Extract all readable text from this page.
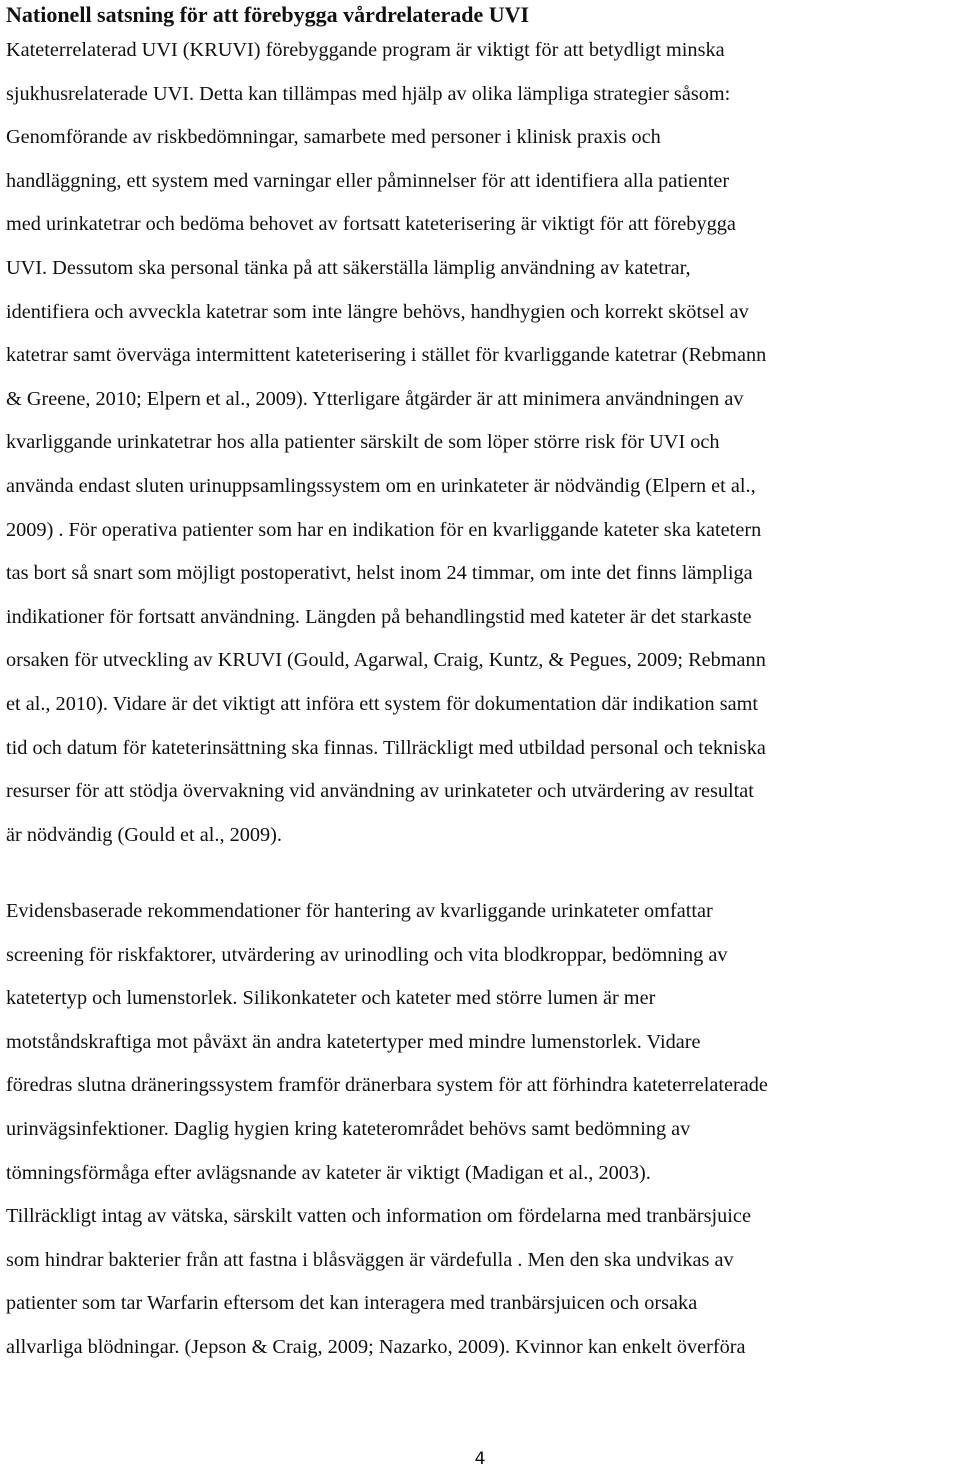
Nationell satsning för att förebygga vårdrelaterade UVI

Kateterrelaterad UVI (KRUVI) förebyggande program är viktigt för att betydligt minska
sjukhusrelaterade UVI. Detta kan tillämpas med hjälp av olika lämpliga strategier såsom:
Genomförande av riskbedömningar, samarbete med personer i klinisk praxis och
handläggning, ett system med varningar eller påminnelser för att identifiera alla patienter
med urinkatetrar och bedöma behovet av fortsatt kateterisering är viktigt för att förebygga
UVI. Dessutom ska personal tänka på att säkerställa lämplig användning av katetrar,
identifiera och avveckla katetrar som inte längre behövs, handhygien och korrekt skötsel av
katetrar samt överväga intermittent kateterisering i stället för kvarliggande katetrar (Rebmann
& Greene, 2010; Elpern et al., 2009). Ytterligare åtgärder är att minimera användningen av
kvarliggande urinkatetrar hos alla patienter särskilt de som löper större risk för UVI och
använda endast sluten urinuppsamlingssystem om en urinkateter är nödvändig (Elpern et al.,
2009) . För operativa patienter som har en indikation för en kvarliggande kateter ska katetern
tas bort så snart som möjligt postoperativt, helst inom 24 timmar, om inte det finns lämpliga
indikationer för fortsatt användning. Längden på behandlingstid med kateter är det starkaste
orsaken för utveckling av KRUVI (Gould, Agarwal, Craig, Kuntz, & Pegues, 2009; Rebmann
et al., 2010). Vidare är det viktigt att införa ett system för dokumentation där indikation samt
tid och datum för kateterinsättning ska finnas. Tillräckligt med utbildad personal och tekniska
resurser för att stödja övervakning vid användning av urinkateter och utvärdering av resultat
är nödvändig (Gould et al., 2009).

Evidensbaserade rekommendationer för hantering av kvarliggande urinkateter omfattar
screening för riskfaktorer, utvärdering av urinodling och vita blodkroppar, bedömning av
katetertyp och lumenstorlek. Silikonkateter och kateter med större lumen är mer
motståndskraftiga mot påväxt än andra katetertyper med mindre lumenstorlek. Vidare
föredras slutna dräneringssystem framför dränerbara system för att förhindra kateterrelaterade
urinvägsinfektioner. Daglig hygien kring kateterområdet behövs samt bedömning av
tömningsförmåga efter avlägsnande av kateter är viktigt (Madigan et al., 2003).
Tillräckligt intag av vätska, särskilt vatten och information om fördelarna med tranbärsjuice
som hindrar bakterier från att fastna i blåsväggen är värdefulla . Men den ska undvikas av
patienter som tar Warfarin eftersom det kan interagera med tranbärsjuicen och orsaka
allvarliga blödningar. (Jepson & Craig, 2009; Nazarko, 2009). Kvinnor kan enkelt överföra

4
